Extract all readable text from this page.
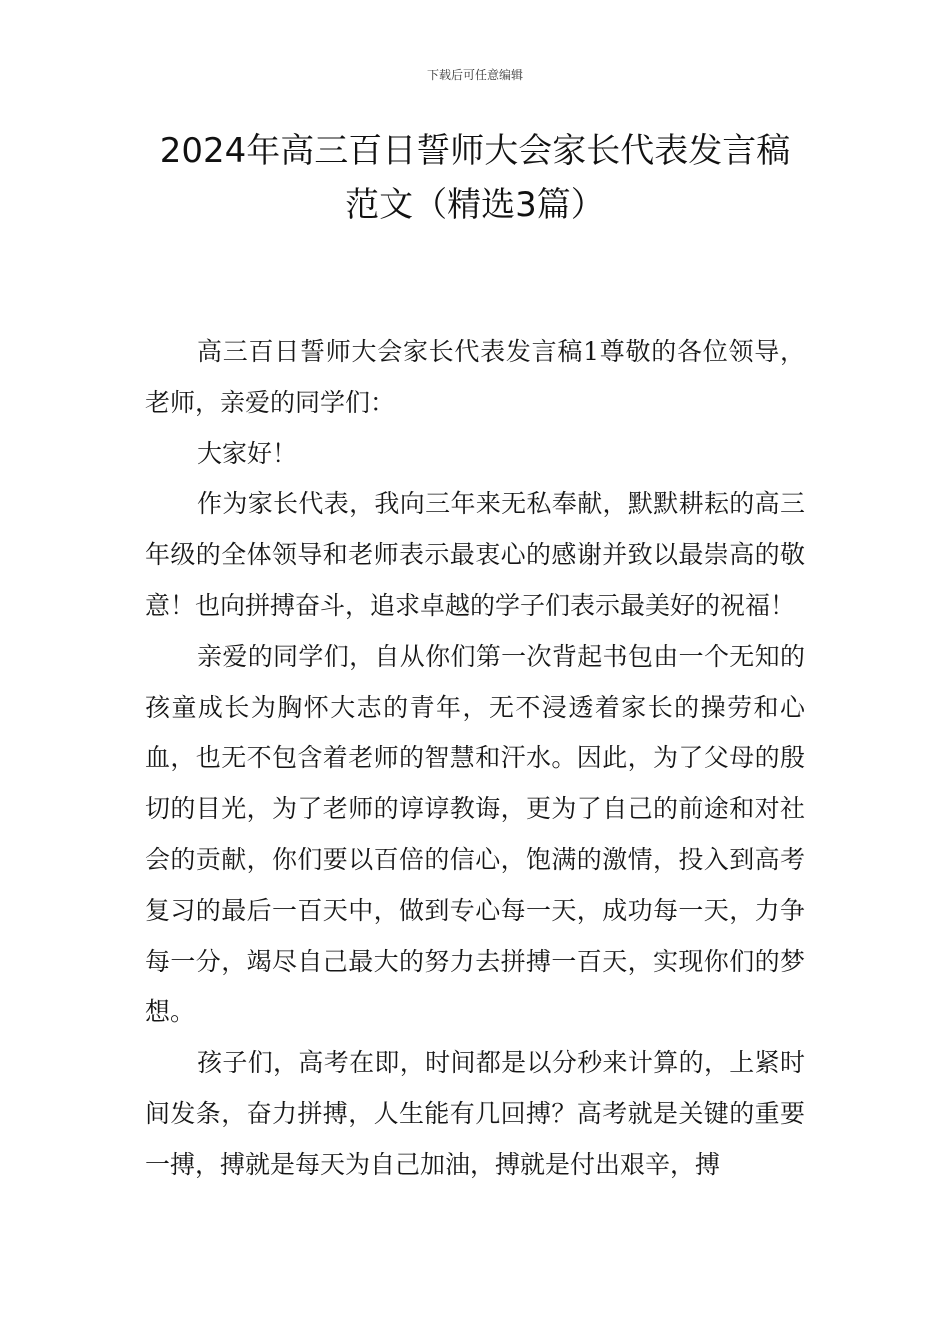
下载后可任意编辑
2024年高三百日誓师大会家长代表发言稿
范文（精选3篇）

高三百日誓师大会家长代表发言稿1尊敬的各位领导，老师，亲爱的同学们：

大家好！

作为家长代表，我向三年来无私奉献，默默耕耘的高三年级的全体领导和老师表示最衷心的感谢并致以最崇高的敬意！也向拼搏奋斗，追求卓越的学子们表示最美好的祝福！

亲爱的同学们，自从你们第一次背起书包由一个无知的孩童成长为胸怀大志的青年，无不浸透着家长的操劳和心血，也无不包含着老师的智慧和汗水。因此，为了父母的殷切的目光，为了老师的谆谆教诲，更为了自己的前途和对社会的贡献，你们要以百倍的信心，饱满的激情，投入到高考复习的最后一百天中，做到专心每一天，成功每一天，力争每一分，竭尽自己最大的努力去拼搏一百天，实现你们的梦想。

孩子们，高考在即，时间都是以分秒来计算的，上紧时间发条，奋力拼搏，人生能有几回搏？高考就是关键的重要一搏，搏就是每天为自己加油，搏就是付出艰辛，搏
